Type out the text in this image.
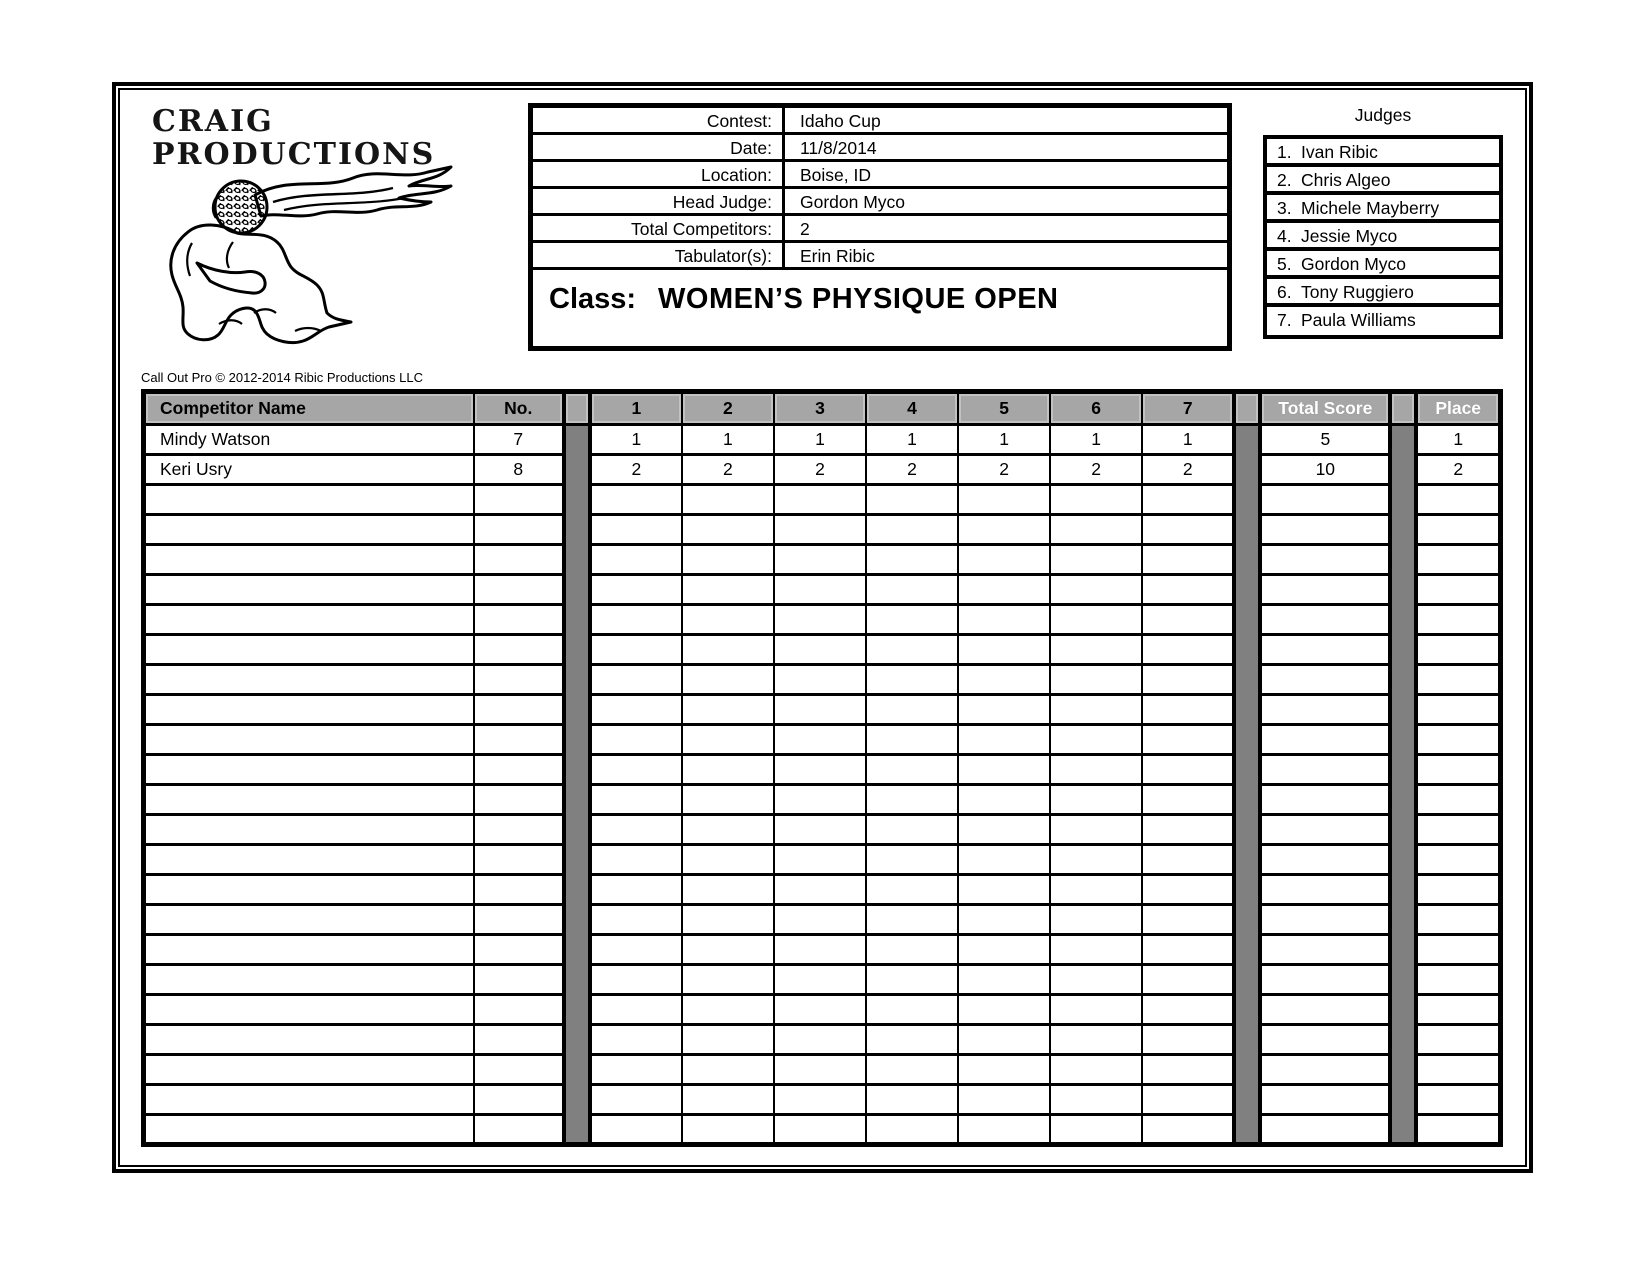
CRAIG
PRODUCTIONS
Contest:	Idaho Cup
Date:	11/8/2014
Location:	Boise, ID
Head Judge:	Gordon Myco
Total Competitors:	2
Tabulator(s):	Erin Ribic
Class: WOMEN’S PHYSIQUE OPEN
Judges
1. Ivan Ribic
2. Chris Algeo
3. Michele Mayberry
4. Jessie Myco
5. Gordon Myco
6. Tony Ruggiero
7. Paula Williams
Call Out Pro © 2012-2014 Ribic Productions LLC
Competitor Name	No.		1	2	3	4	5	6	7		Total Score		Place
Mindy Watson	7		1	1	1	1	1	1	1		5		1
Keri Usry	8		2	2	2	2	2	2	2		10		2
